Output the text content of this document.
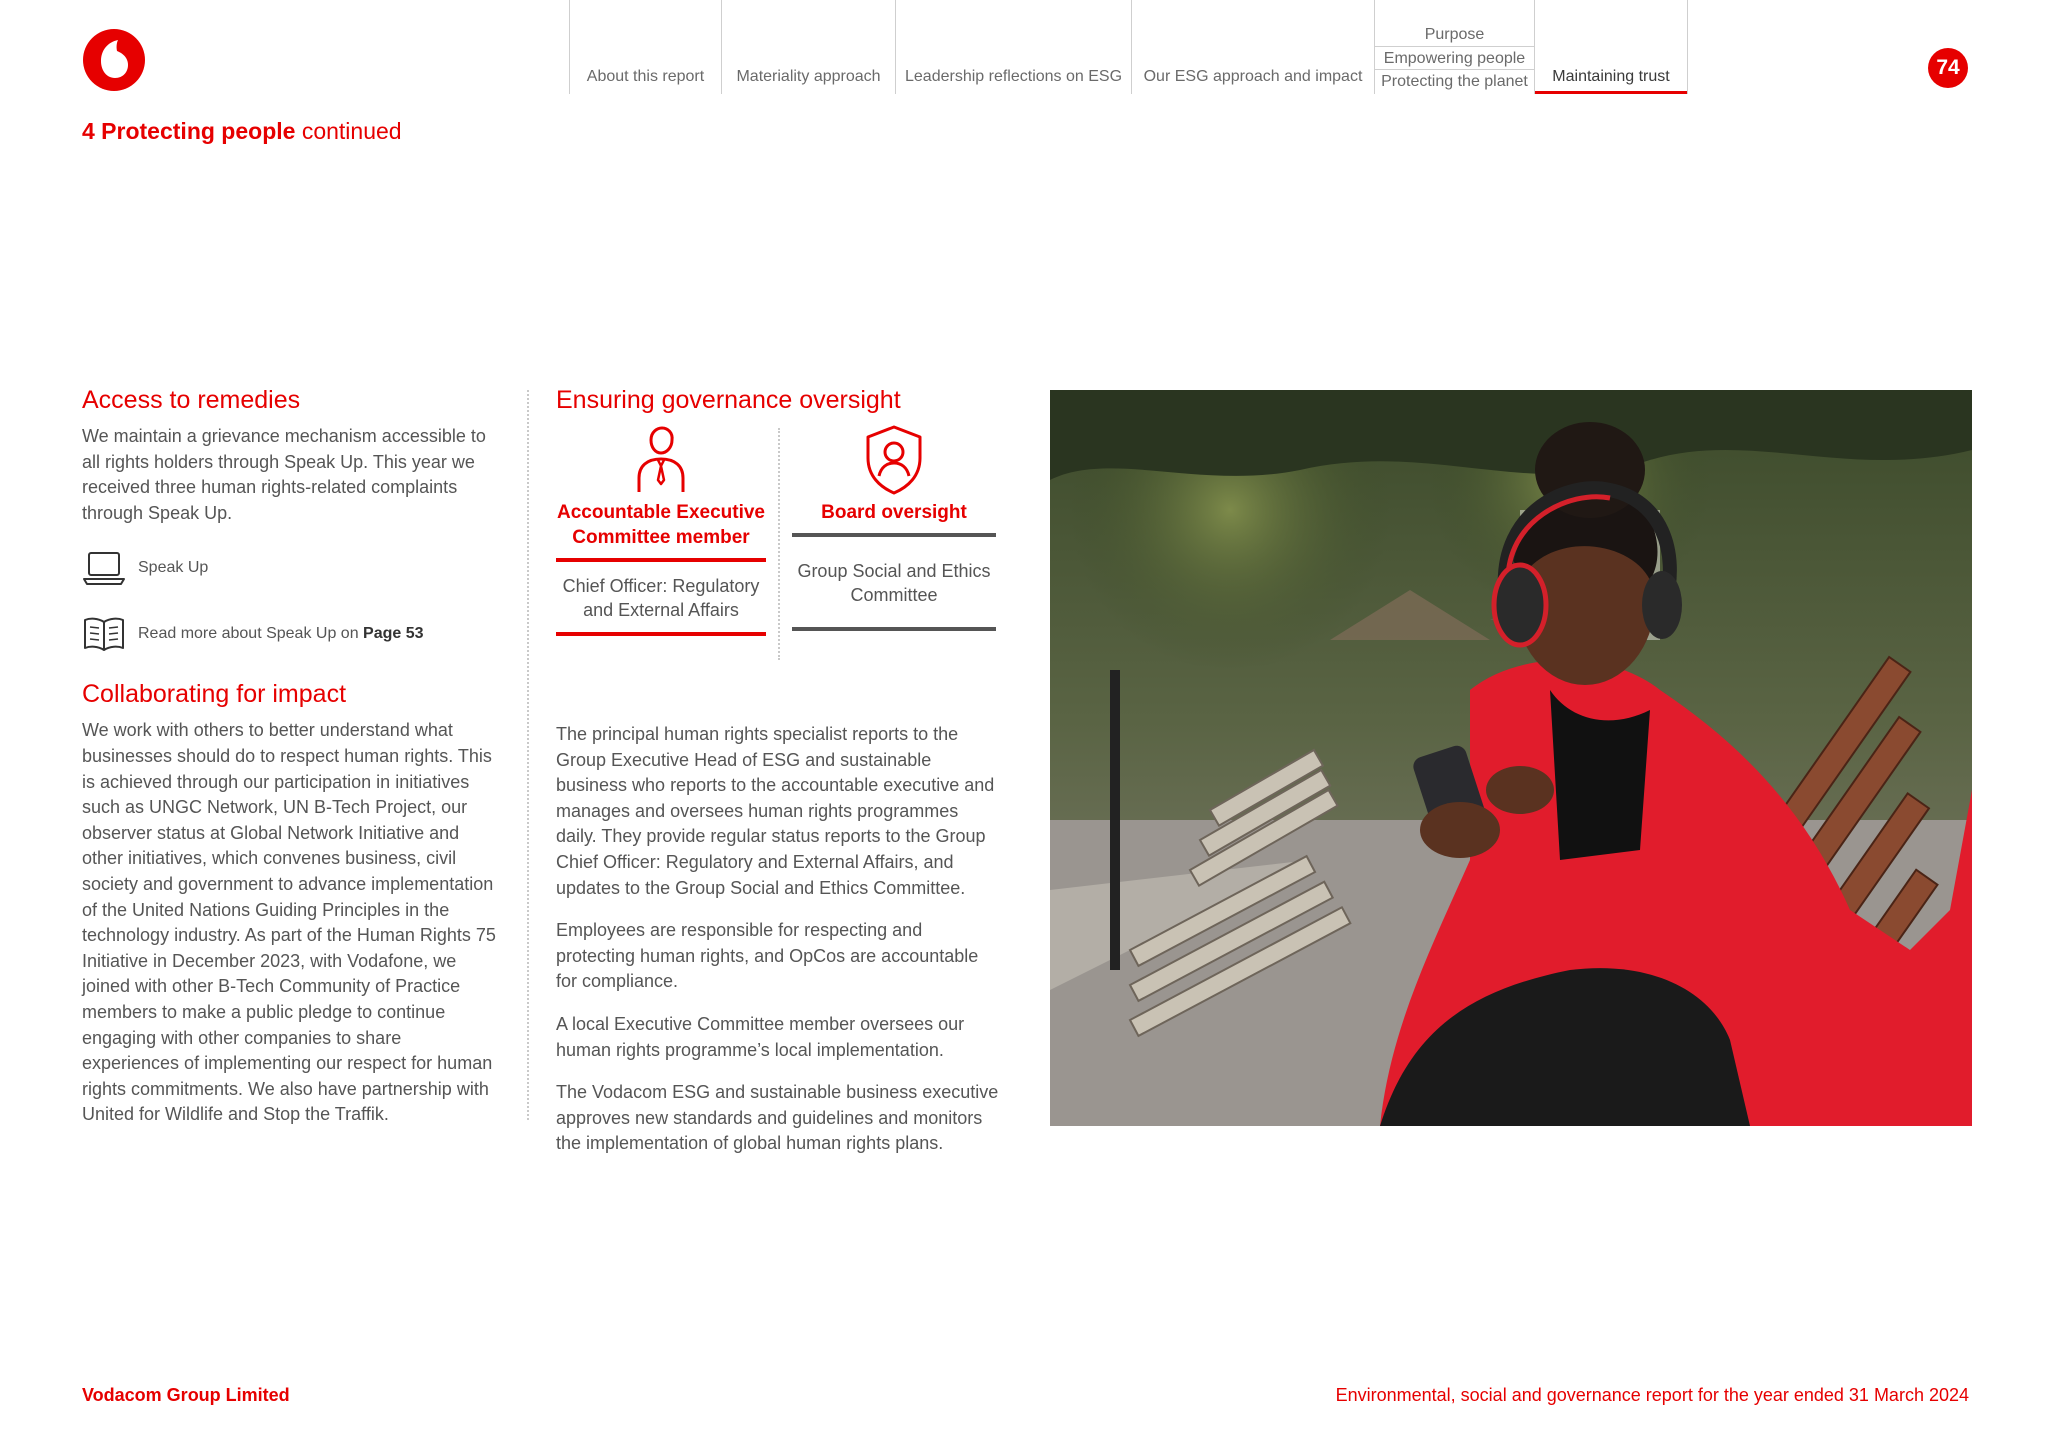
About this report	Materiality approach	Leadership reflections on ESG	Our ESG approach and impact
Purpose
Empowering people
Protecting the planet	Maintaining trust	74
4 Protecting people continued
Access to remedies
We maintain a grievance mechanism accessible to all rights holders through Speak Up. This year we received three human rights-related complaints through Speak Up.
Speak Up
Read more about Speak Up on Page 53
Collaborating for impact
We work with others to better understand what businesses should do to respect human rights. This is achieved through our participation in initiatives such as UNGC Network, UN B-Tech Project, our observer status at Global Network Initiative and other initiatives, which convenes business, civil society and government to advance implementation of the United Nations Guiding Principles in the technology industry. As part of the Human Rights 75 Initiative in December 2023, with Vodafone, we joined with other B-Tech Community of Practice members to make a public pledge to continue engaging with other companies to share experiences of implementing our respect for human rights commitments. We also have partnership with United for Wildlife and Stop the Traffik.
Ensuring governance oversight
Accountable Executive Committee member
Chief Officer: Regulatory and External Affairs
Board oversight
Group Social and Ethics Committee

The principal human rights specialist reports to the Group Executive Head of ESG and sustainable business who reports to the accountable executive and manages and oversees human rights programmes daily. They provide regular status reports to the Group Chief Officer: Regulatory and External Affairs, and updates to the Group Social and Ethics Committee.

Employees are responsible for respecting and protecting human rights, and OpCos are accountable for compliance.

A local Executive Committee member oversees our human rights programme’s local implementation.

The Vodacom ESG and sustainable business executive approves new standards and guidelines and monitors the implementation of global human rights plans.

Vodacom Group Limited	Environmental, social and governance report for the year ended 31 March 2024
